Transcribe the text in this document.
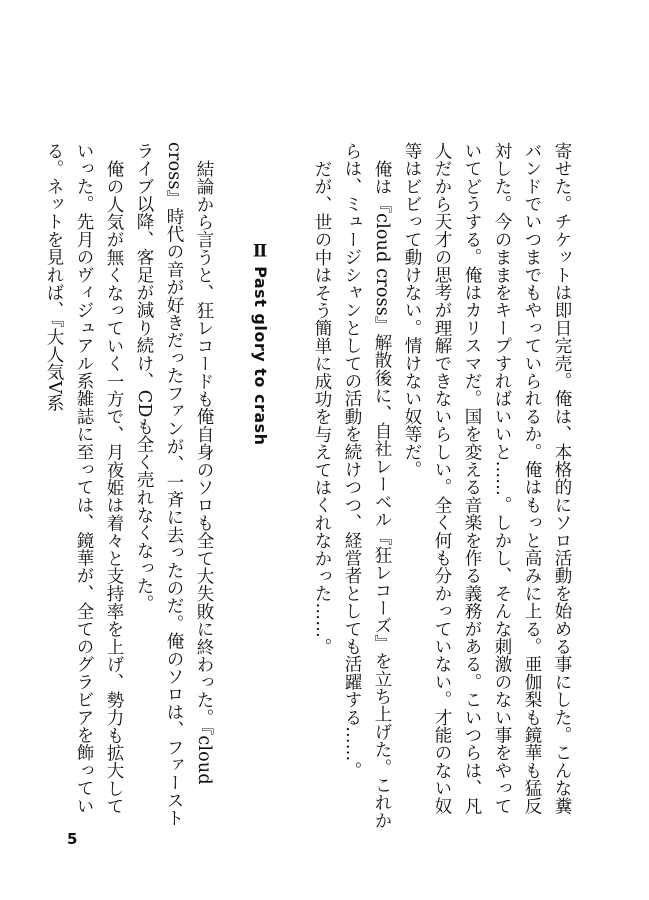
寄せた。チケットは即日完売。俺は、本格的にソロ活動を始める事にした。こんな糞バンドでいつまでもやっていられるか。俺はもっと高みに上る。亜伽梨も鏡華も猛反対した。今のままをキープすればいいと……。しかし、そんな刺激のない事をやっていてどうする。俺はカリスマだ。国を変える音楽を作る義務がある。こいつらは、凡人だから天才の思考が理解できないらしい。全く何も分かっていない。才能のない奴等はビビって動けない。情けない奴等だ。

俺は『cloud cross』解散後に、自社レーベル『狂レコーズ』を立ち上げた。これからは、ミュージシャンとしての活動を続けつつ、経営者としても活躍する……。

だが、世の中はそう簡単に成功を与えてはくれなかった……。

Ⅱ Past glory to crash

結論から言うと、狂レコードも俺自身のソロも全て大失敗に終わった。『cloud cross』時代の音が好きだったファンが、一斉に去ったのだ。俺のソロは、ファーストライブ以降、客足が減り続け、CDも全く売れなくなった。

俺の人気が無くなっていく一方で、月夜姫は着々と支持率を上げ、勢力も拡大していった。先月のヴィジュアル系雑誌に至っては、鏡華が、全てのグラビアを飾っている。ネットを見れば、『大人気V系

5
